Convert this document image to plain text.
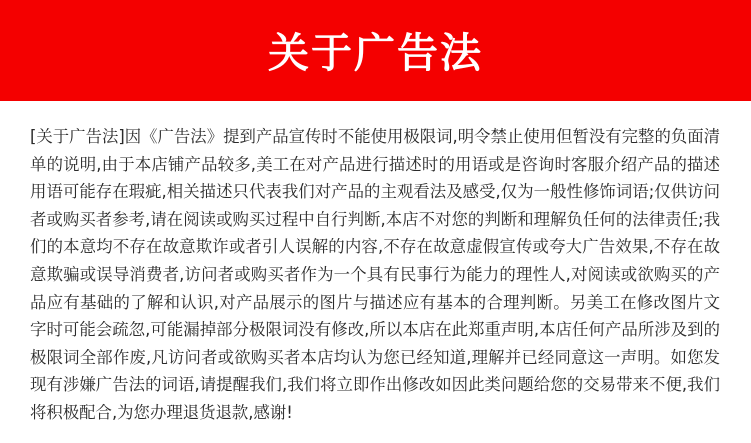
关于广告法

[关于广告法]因《广告法》提到产品宣传时不能使用极限词,明令禁止使用但暂没有完整的负面清单的说明,由于本店铺产品较多,美工在对产品进行描述时的用语或是咨询时客服介绍产品的描述用语可能存在瑕疵,相关描述只代表我们对产品的主观看法及感受,仅为一般性修饰词语;仅供访问者或购买者参考,请在阅读或购买过程中自行判断,本店不对您的判断和理解负任何的法律责任;我们的本意均不存在故意欺诈或者引人误解的内容,不存在故意虚假宣传或夸大广告效果,不存在故意欺骗或误导消费者,访问者或购买者作为一个具有民事行为能力的理性人,对阅读或欲购买的产品应有基础的了解和认识,对产品展示的图片与描述应有基本的合理判断。另美工在修改图片文字时可能会疏忽,可能漏掉部分极限词没有修改,所以本店在此郑重声明,本店任何产品所涉及到的极限词全部作废,凡访问者或欲购买者本店均认为您已经知道,理解并已经同意这一声明。如您发现有涉嫌广告法的词语,请提醒我们,我们将立即作出修改如因此类问题给您的交易带来不便,我们将积极配合,为您办理退货退款,感谢!
